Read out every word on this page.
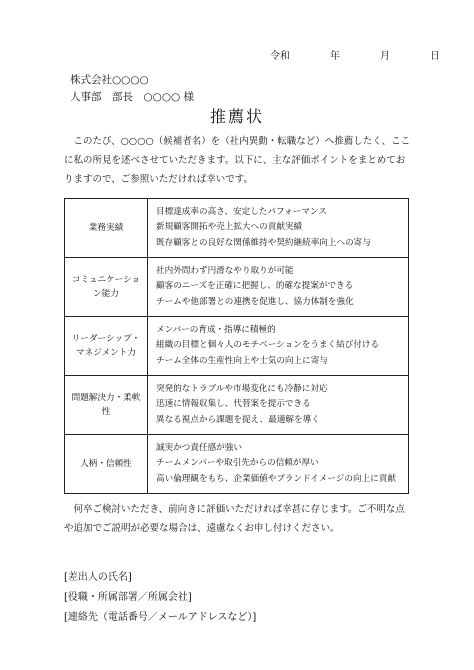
令和	年	月	日
株式会社○○○○
人事部　部長　○○○○ 様
推薦状

　このたび、○○○○（候補者名）を（社内異動・転職など）へ推薦したく、ここに私の所見を述べさせていただきます。以下に、主な評価ポイントをまとめておりますので、ご参照いただければ幸いです。

業務実績	目標達成率の高さ、安定したパフォーマンス
新規顧客開拓や売上拡大への貢献実績
既存顧客との良好な関係維持や契約継続率向上への寄与

コミュニケーション能力	社内外問わず円滑なやり取りが可能
顧客のニーズを正確に把握し、的確な提案ができる
チームや他部署との連携を促進し、協力体制を強化

リーダーシップ・マネジメント力	メンバーの育成・指導に積極的
組織の目標と個々人のモチベーションをうまく結び付ける
チーム全体の生産性向上や士気の向上に寄与

問題解決力・柔軟性	突発的なトラブルや市場変化にも冷静に対応
迅速に情報収集し、代替案を提示できる
異なる視点から課題を捉え、最適解を導く

人柄・信頼性	誠実かつ責任感が強い
チームメンバーや取引先からの信頼が厚い
高い倫理観をもち、企業価値やブランドイメージの向上に貢献

　何卒ご検討いただき、前向きに評価いただければ幸甚に存じます。ご不明な点や追加でご説明が必要な場合は、遠慮なくお申し付けください。

[差出人の氏名]
[役職・所属部署／所属会社]
[連絡先（電話番号／メールアドレスなど）]
